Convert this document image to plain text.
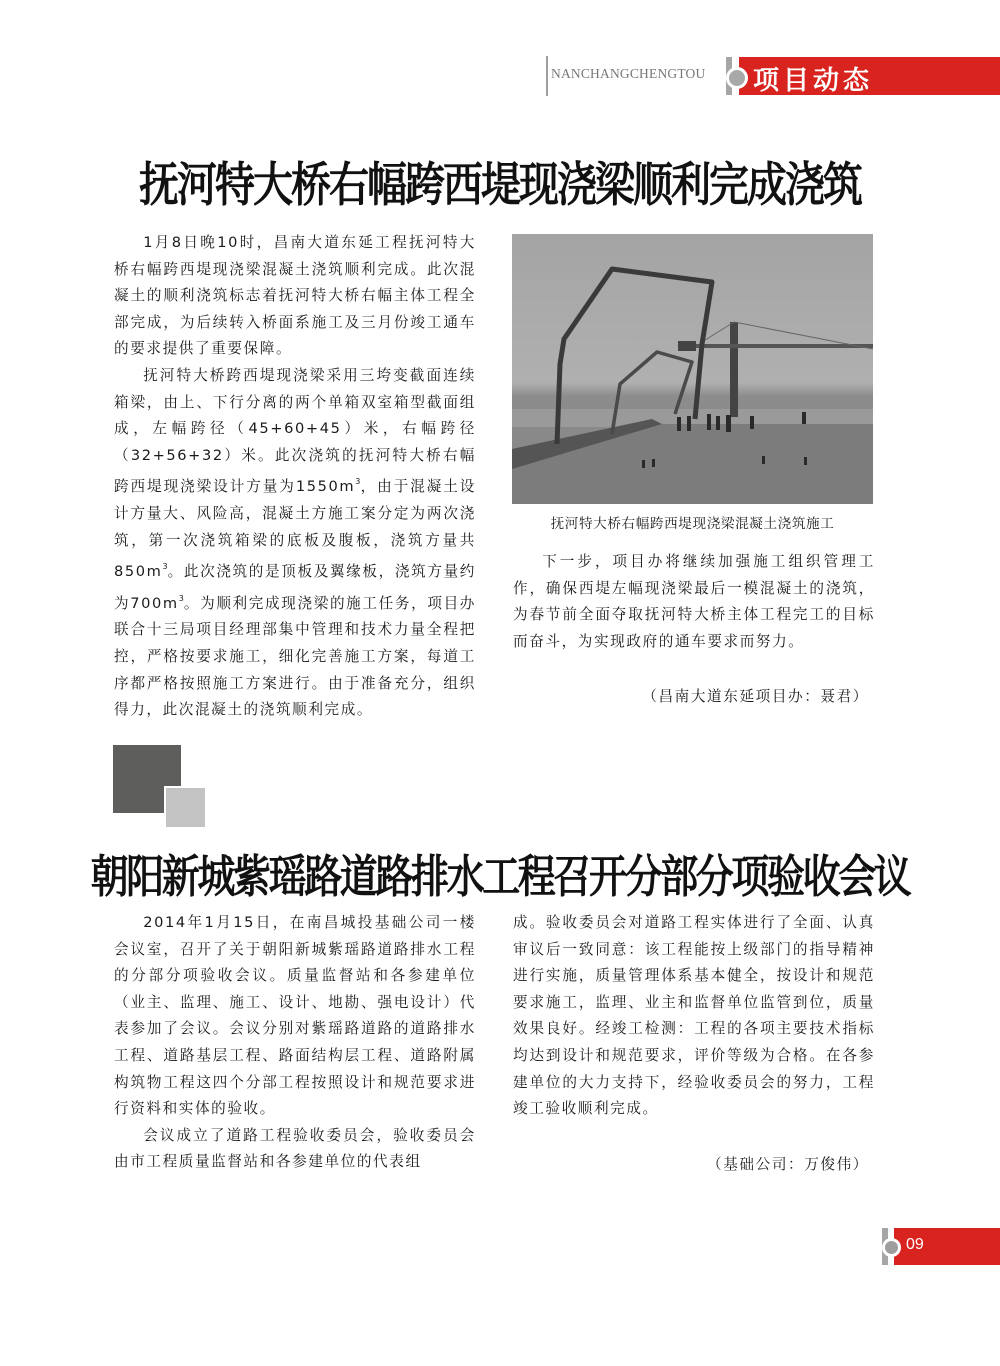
NANCHANGCHENGTOU 项目动态
抚河特大桥右幅跨西堤现浇梁顺利完成浇筑

1月8日晚10时，昌南大道东延工程抚河特大桥右幅跨西堤现浇梁混凝土浇筑顺利完成。此次混凝土的顺利浇筑标志着抚河特大桥右幅主体工程全部完成，为后续转入桥面系施工及三月份竣工通车的要求提供了重要保障。

抚河特大桥跨西堤现浇梁采用三垮变截面连续箱梁，由上、下行分离的两个单箱双室箱型截面组成，左幅跨径（45+60+45）米，右幅跨径（32+56+32）米。此次浇筑的抚河特大桥右幅跨西堤现浇梁设计方量为$1550m^3$，由于混凝土设计方量大、风险高，混凝土方施工案分定为两次浇筑，第一次浇筑箱梁的底板及腹板，浇筑方量共$850m^3$。此次浇筑的是顶板及翼缘板，浇筑方量约为$700m^3$。为顺利完成现浇梁的施工任务，项目办联合十三局项目经理部集中管理和技术力量全程把控，严格按要求施工，细化完善施工方案，每道工序都严格按照施工方案进行。由于准备充分，组织得力，此次混凝土的浇筑顺利完成。

抚河特大桥右幅跨西堤现浇梁混凝土浇筑施工

下一步，项目办将继续加强施工组织管理工作，确保西堤左幅现浇梁最后一模混凝土的浇筑，为春节前全面夺取抚河特大桥主体工程完工的目标而奋斗，为实现政府的通车要求而努力。

（昌南大道东延项目办：聂君）
朝阳新城紫瑶路道路排水工程召开分部分项验收会议

2014年1月15日，在南昌城投基础公司一楼会议室，召开了关于朝阳新城紫瑶路道路排水工程的分部分项验收会议。质量监督站和各参建单位（业主、监理、施工、设计、地勘、强电设计）代表参加了会议。会议分别对紫瑶路道路的道路排水工程、道路基层工程、路面结构层工程、道路附属构筑物工程这四个分部工程按照设计和规范要求进行资料和实体的验收。

会议成立了道路工程验收委员会，验收委员会由市工程质量监督站和各参建单位的代表组

成。验收委员会对道路工程实体进行了全面、认真审议后一致同意：该工程能按上级部门的指导精神进行实施，质量管理体系基本健全，按设计和规范要求施工，监理、业主和监督单位监管到位，质量效果良好。经竣工检测：工程的各项主要技术指标均达到设计和规范要求，评价等级为合格。在各参建单位的大力支持下，经验收委员会的努力，工程竣工验收顺利完成。

（基础公司：万俊伟）
09
